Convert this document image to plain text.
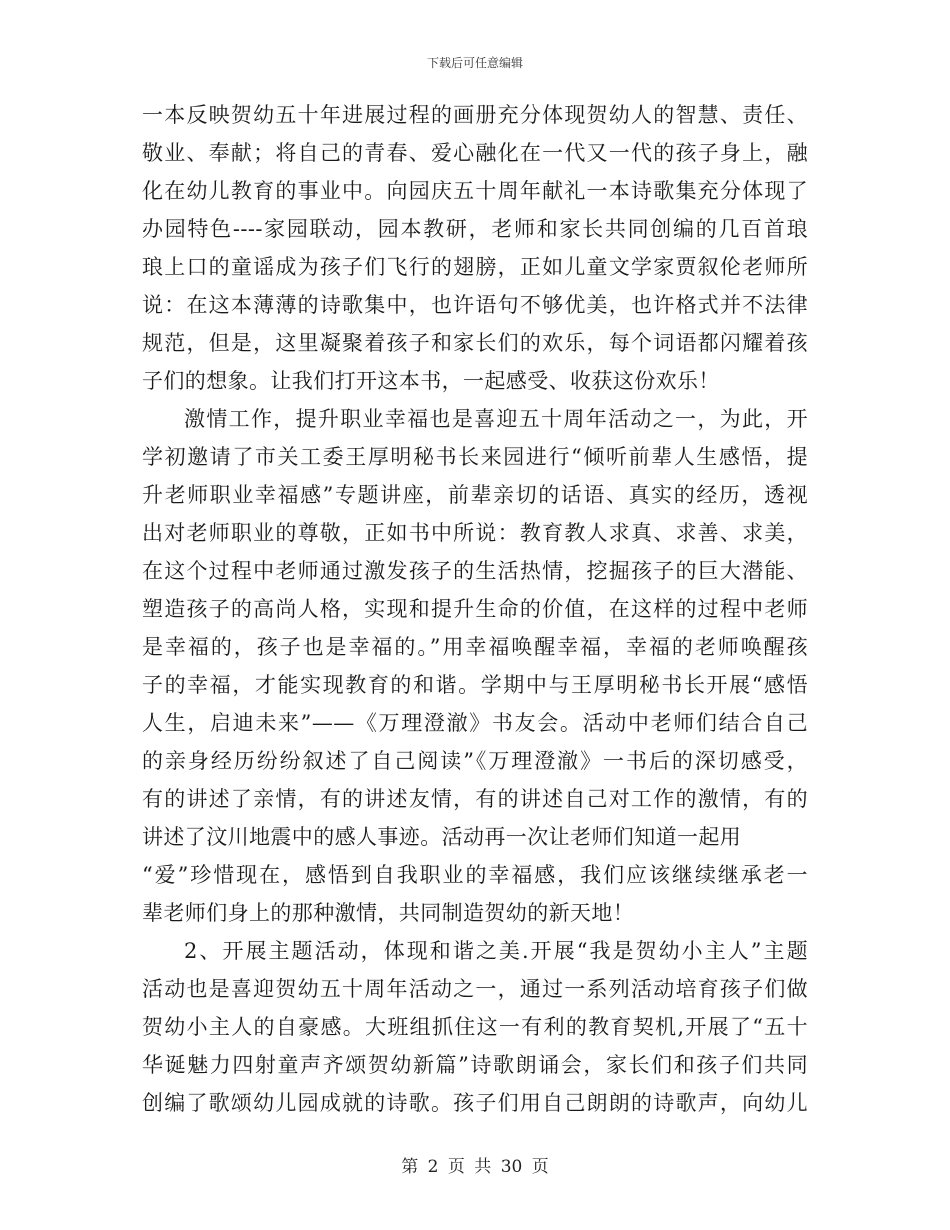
下载后可任意编辑
一本反映贺幼五十年进展过程的画册充分体现贺幼人的智慧、责任、
敬业、奉献；将自己的青春、爱心融化在一代又一代的孩子身上，融
化在幼儿教育的事业中。向园庆五十周年献礼一本诗歌集充分体现了
办园特色----家园联动，园本教研，老师和家长共同创编的几百首琅
琅上口的童谣成为孩子们飞行的翅膀，正如儿童文学家贾叙伦老师所
说：在这本薄薄的诗歌集中，也许语句不够优美，也许格式并不法律
规范，但是，这里凝聚着孩子和家长们的欢乐，每个词语都闪耀着孩
子们的想象。让我们打开这本书，一起感受、收获这份欢乐！
激情工作，提升职业幸福也是喜迎五十周年活动之一，为此，开
学初邀请了市关工委王厚明秘书长来园进行“倾听前辈人生感悟，提
升老师职业幸福感”专题讲座，前辈亲切的话语、真实的经历，透视
出对老师职业的尊敬，正如书中所说：教育教人求真、求善、求美，
在这个过程中老师通过激发孩子的生活热情，挖掘孩子的巨大潜能、
塑造孩子的高尚人格，实现和提升生命的价值，在这样的过程中老师
是幸福的，孩子也是幸福的。”用幸福唤醒幸福，幸福的老师唤醒孩
子的幸福，才能实现教育的和谐。学期中与王厚明秘书长开展“感悟
人生，启迪未来”——《万理澄澈》书友会。活动中老师们结合自己
的亲身经历纷纷叙述了自己阅读”《万理澄澈》一书后的深切感受，
有的讲述了亲情，有的讲述友情，有的讲述自己对工作的激情，有的
讲述了汶川地震中的感人事迹。活动再一次让老师们知道一起用
“爱”珍惜现在，感悟到自我职业的幸福感，我们应该继续继承老一
辈老师们身上的那种激情，共同制造贺幼的新天地！
2、开展主题活动，体现和谐之美.开展“我是贺幼小主人”主题
活动也是喜迎贺幼五十周年活动之一，通过一系列活动培育孩子们做
贺幼小主人的自豪感。大班组抓住这一有利的教育契机,开展了“五十
华诞魅力四射童声齐颂贺幼新篇”诗歌朗诵会，家长们和孩子们共同
创编了歌颂幼儿园成就的诗歌。孩子们用自己朗朗的诗歌声，向幼儿
第 2 页 共 30 页
